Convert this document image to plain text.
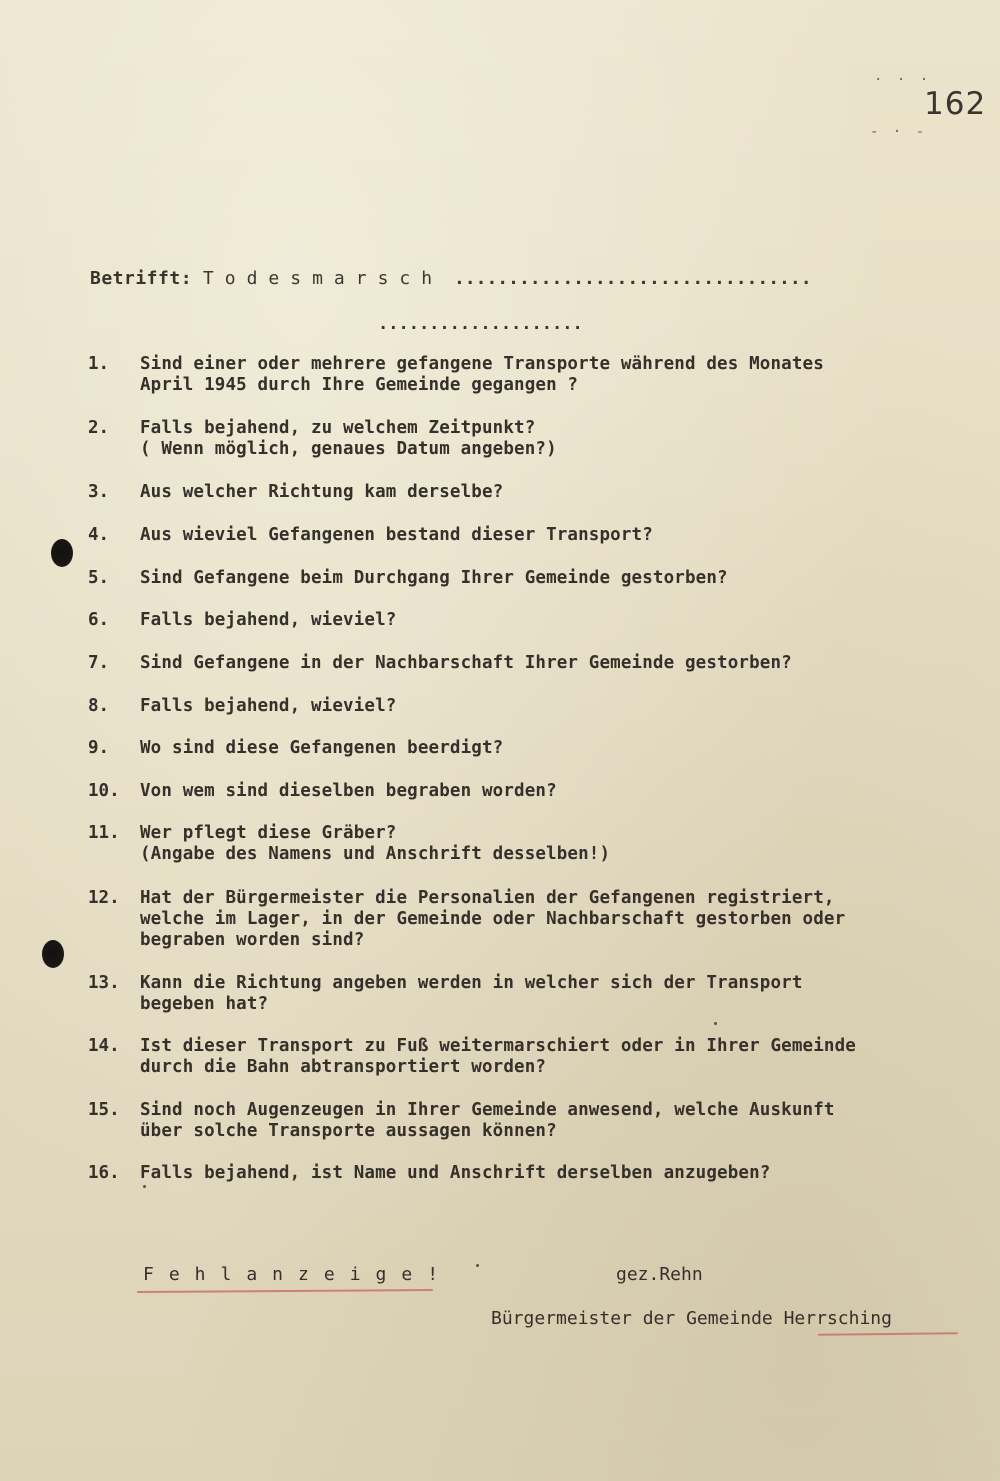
· · ·
162
- · -
Betrifft: Todesmarsch .................................
....................
1.	Sind einer oder mehrere gefangene Transporte während des Monates
April 1945 durch Ihre Gemeinde gegangen ?
2.	Falls bejahend, zu welchem Zeitpunkt?
( Wenn möglich, genaues Datum angeben?)
3.	Aus welcher Richtung kam derselbe?
4.	Aus wieviel Gefangenen bestand dieser Transport?
5.	Sind Gefangene beim Durchgang Ihrer Gemeinde gestorben?
6.	Falls bejahend, wieviel?
7.	Sind Gefangene in der Nachbarschaft Ihrer Gemeinde gestorben?
8.	Falls bejahend, wieviel?
9.	Wo sind diese Gefangenen beerdigt?
10.	Von wem sind dieselben begraben worden?
11.	Wer pflegt diese Gräber?
(Angabe des Namens und Anschrift desselben!)
12.	Hat der Bürgermeister die Personalien der Gefangenen registriert,
welche im Lager, in der Gemeinde oder Nachbarschaft gestorben oder
begraben worden sind?
13.	Kann die Richtung angeben werden in welcher sich der Transport
begeben hat?
14.	Ist dieser Transport zu Fuß weitermarschiert oder in Ihrer Gemeinde
durch die Bahn abtransportiert worden?
15.	Sind noch Augenzeugen in Ihrer Gemeinde anwesend, welche Auskunft
über solche Transporte aussagen können?
16.	Falls bejahend, ist Name und Anschrift derselben anzugeben?
Fehlanzeige!	gez.Rehn
Bürgermeister der Gemeinde Herrsching
